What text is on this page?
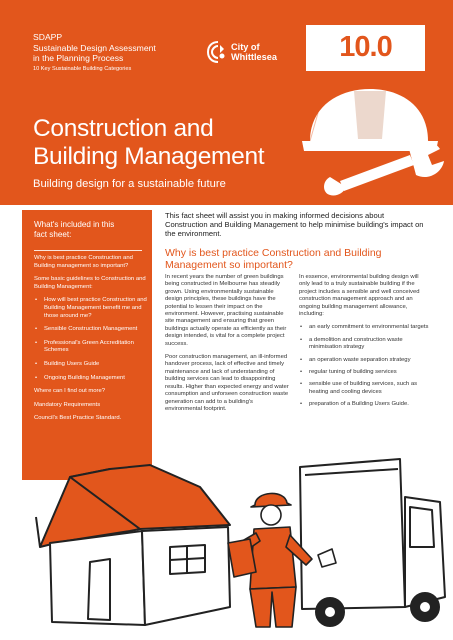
SDAPP
Sustainable Design Assessment
in the Planning Process
10 Key Sustainable Building Categories
City of
Whittlesea	10.0
Construction and
Building Management
Building design for a sustainable future
What's included in this
fact sheet:
Why is best practice Construction and Building management so important?
Some basic guidelines to Construction and Building Management:
• How will best practice Construction and Building Management benefit me and those around me?
• Sensible Construction Management
• Professional's Green Accreditation Schemes
• Building Users Guide
• Ongoing Building Management
Where can I find out more?
Mandatory Requirements
Council's Best Practice Standard.
This fact sheet will assist you in making informed decisions about Construction and Building Management to help minimise building's impact on the environment.
Why is best practice Construction and Building
Management so important?
In recent years the number of green buildings being constructed in Melbourne has steadily grown. Using environmentally sustainable design principles, these buildings have the potential to lessen their impact on the environment. However, practising sustainable site management and ensuring that green buildings actually operate as efficiently as their design intended, is vital for a complete project success.
Poor construction management, an ill-informed handover process, lack of effective and timely maintenance and lack of understanding of building services can lead to disappointing results. Higher than expected energy and water consumption and unforseen construction waste generation can add to a building's environmental footprint.
In essence, environmental building design will only lead to a truly sustainable building if the project includes a sensible and well conceived construction management approach and an ongoing building management allowance, including:
• an early commitment to environmental targets
• a demolition and construction waste minimisation strategy
• an operation waste separation strategy
• regular tuning of building services
• sensible use of building services, such as heating and cooling devices
• preparation of a Building Users Guide.
